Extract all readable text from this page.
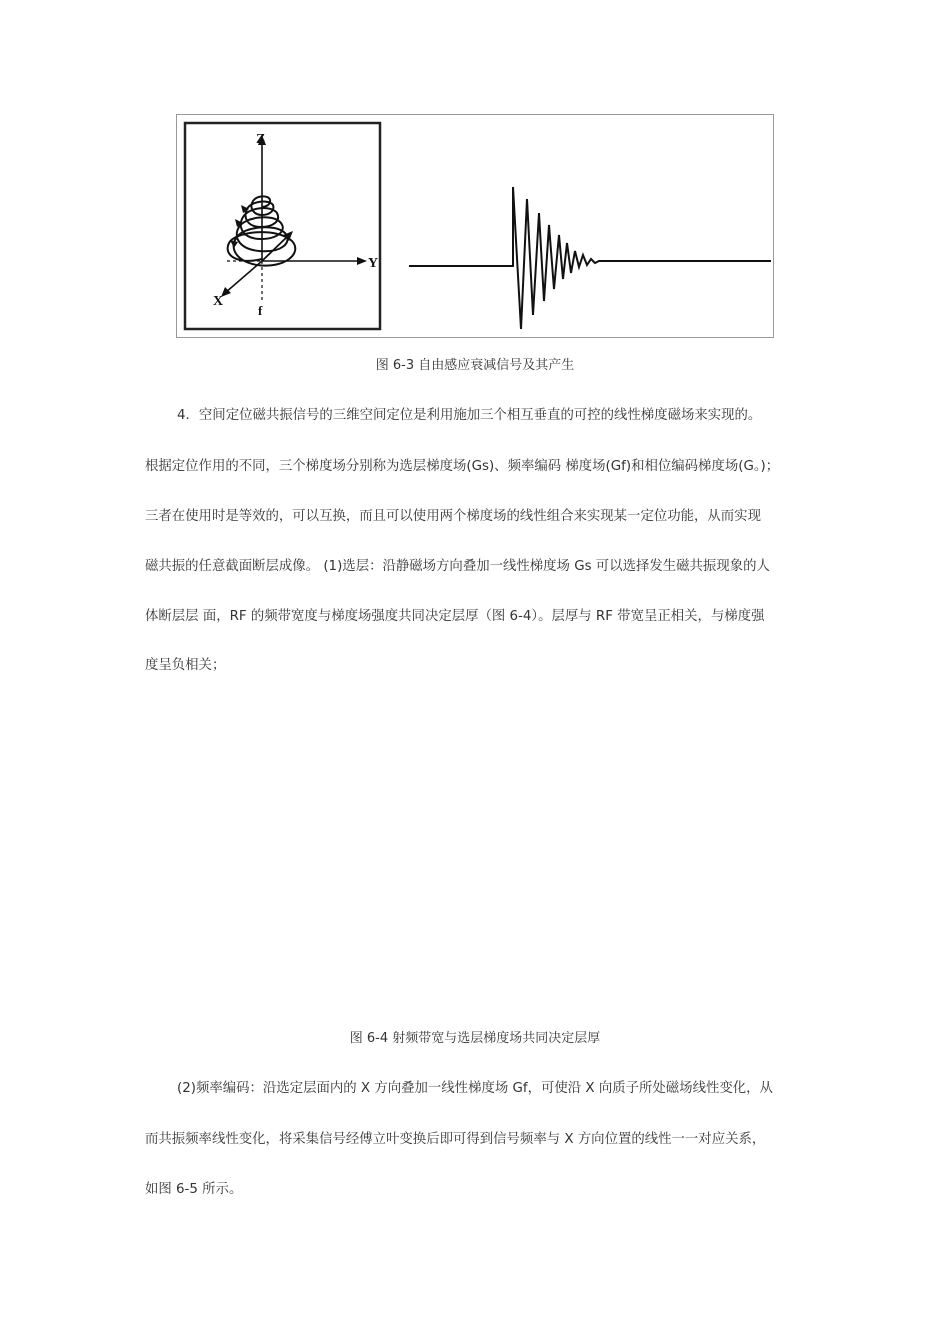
Z
Y
X
f
图 6-3 自由感应衰减信号及其产生
4．空间定位磁共振信号的三维空间定位是利用施加三个相互垂直的可控的线性梯度磁场来实现的。
根据定位作用的不同，三个梯度场分别称为选层梯度场(Gs)、频率编码 梯度场(Gf)和相位编码梯度场(G。)；
三者在使用时是等效的，可以互换，而且可以使用两个梯度场的线性组合来实现某一定位功能，从而实现
磁共振的任意截面断层成像。 (1)选层：沿静磁场方向叠加一线性梯度场 Gs 可以选择发生磁共振现象的人
体断层层 面，RF 的频带宽度与梯度场强度共同决定层厚（图 6-4）。层厚与 RF 带宽呈正相关，与梯度强
度呈负相关；
图 6-4 射频带宽与选层梯度场共同决定层厚
(2)频率编码：沿选定层面内的 X 方向叠加一线性梯度场 Gf，可使沿 X 向质子所处磁场线性变化，从
而共振频率线性变化，将采集信号经傅立叶变换后即可得到信号频率与 X 方向位置的线性一一对应关系，
如图 6-5 所示。
